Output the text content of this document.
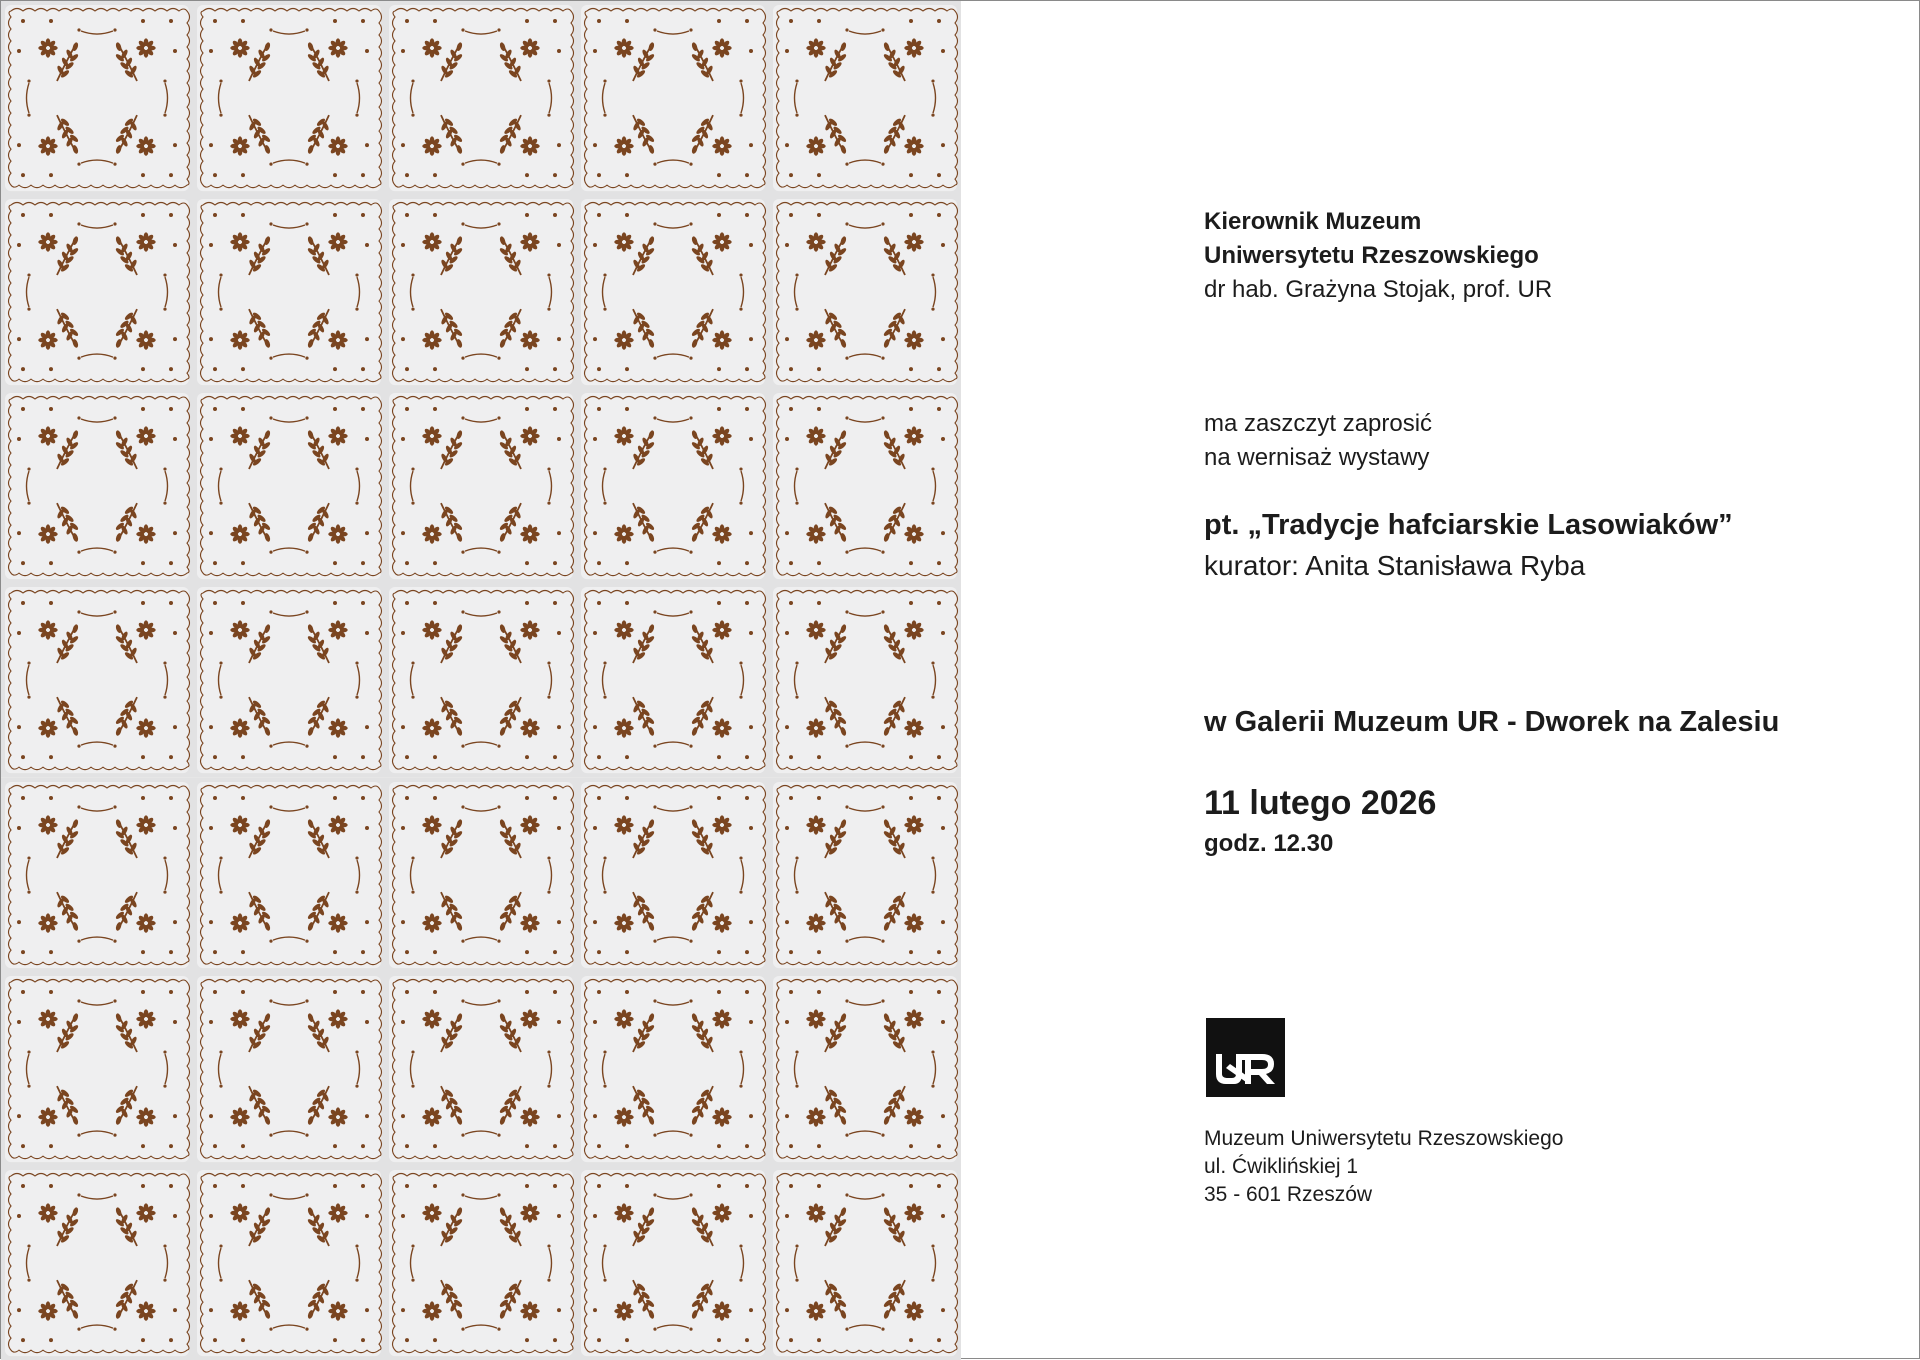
Kierownik Muzeum
Uniwersytetu Rzeszowskiego
dr hab. Grażyna Stojak, prof. UR
ma zaszczyt zaprosić
na wernisaż wystawy
pt. „Tradycje hafciarskie Lasowiaków”
kurator: Anita Stanisława Ryba
w Galerii Muzeum UR - Dworek na Zalesiu
11 lutego 2026
godz. 12.30
Muzeum Uniwersytetu Rzeszowskiego
ul. Ćwiklińskiej 1
35 - 601 Rzeszów
